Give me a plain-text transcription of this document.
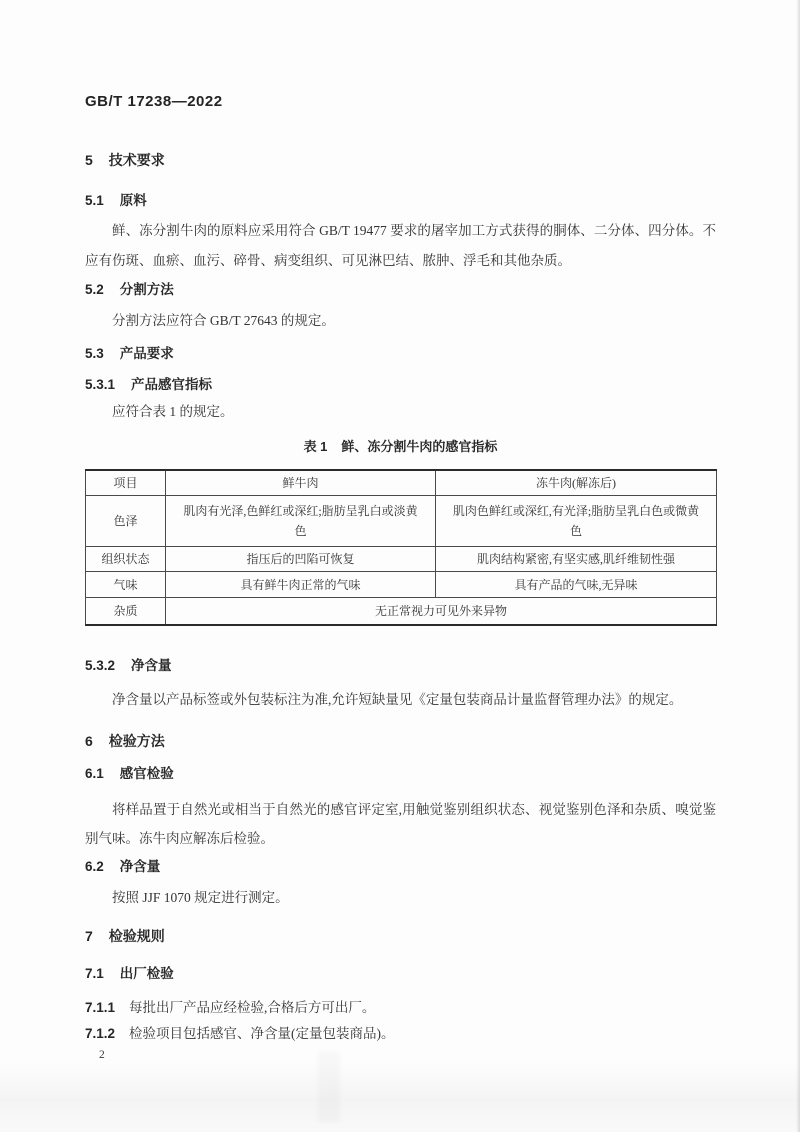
GB/T 17238—2022
5 技术要求
5.1 原料

鲜、冻分割牛肉的原料应采用符合 GB/T 19477 要求的屠宰加工方式获得的胴体、二分体、四分体。不应有伤斑、血瘀、血污、碎骨、病变组织、可见淋巴结、脓肿、浮毛和其他杂质。

5.2 分割方法

分割方法应符合 GB/T 27643 的规定。

5.3 产品要求
5.3.1 产品感官指标

应符合表 1 的规定。

表 1 鲜、冻分割牛肉的感官指标
项目	鲜牛肉	冻牛肉(解冻后)
色泽	肌肉有光泽,色鲜红或深红;脂肪呈乳白或淡黄色	肌肉色鲜红或深红,有光泽;脂肪呈乳白色或微黄色
组织状态	指压后的凹陷可恢复	肌肉结构紧密,有坚实感,肌纤维韧性强
气味	具有鲜牛肉正常的气味	具有产品的气味,无异味
杂质	无正常视力可见外来异物	
5.3.2 净含量

净含量以产品标签或外包装标注为准,允许短缺量见《定量包装商品计量监督管理办法》的规定。

6 检验方法
6.1 感官检验

将样品置于自然光或相当于自然光的感官评定室,用触觉鉴别组织状态、视觉鉴别色泽和杂质、嗅觉鉴别气味。冻牛肉应解冻后检验。

6.2 净含量

按照 JJF 1070 规定进行测定。

7 检验规则
7.1 出厂检验

7.1.1 每批出厂产品应经检验,合格后方可出厂。

7.1.2 检验项目包括感官、净含量(定量包装商品)。

2
